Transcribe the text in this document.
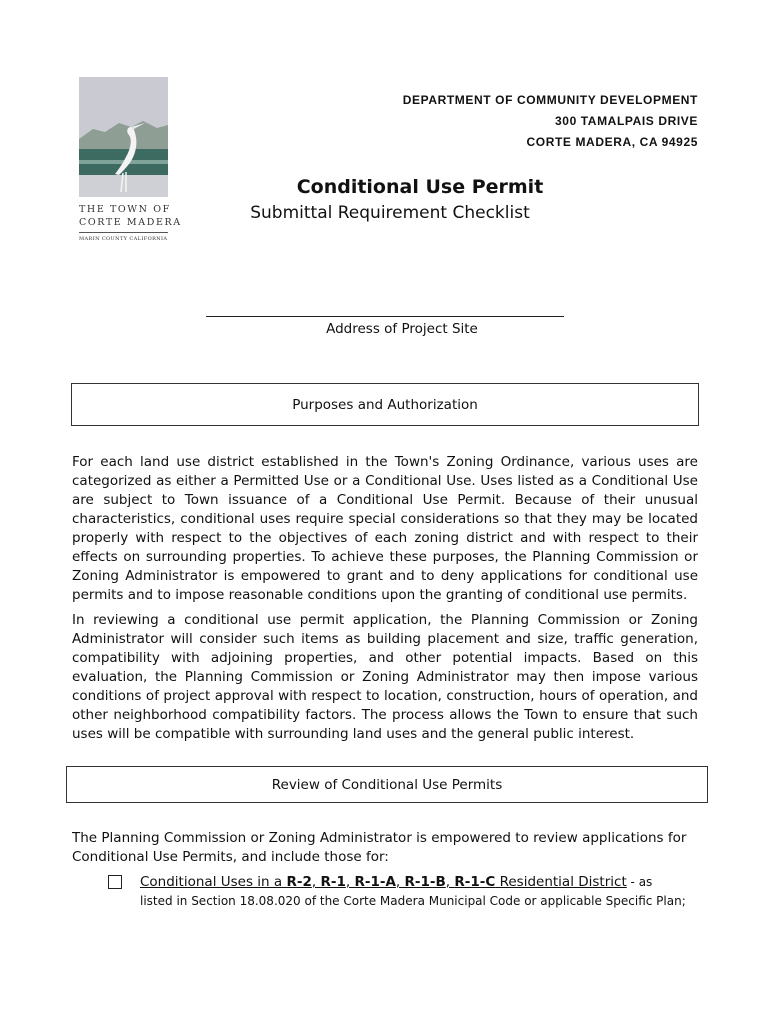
THE TOWN OF
CORTE MADERA
MARIN COUNTY CALIFORNIA
DEPARTMENT OF COMMUNITY DEVELOPMENT
300 TAMALPAIS DRIVE
CORTE MADERA, CA 94925
Conditional Use Permit
Submittal Requirement Checklist
Address of Project Site
Purposes and Authorization
For each land use district established in the Town's Zoning Ordinance, various uses are categorized as either a Permitted Use or a Conditional Use. Uses listed as a Conditional Use are subject to Town issuance of a Conditional Use Permit. Because of their unusual characteristics, conditional uses require special considerations so that they may be located properly with respect to the objectives of each zoning district and with respect to their effects on surrounding properties. To achieve these purposes, the Planning Commission or Zoning Administrator is empowered to grant and to deny applications for conditional use permits and to impose reasonable conditions upon the granting of conditional use permits.
In reviewing a conditional use permit application, the Planning Commission or Zoning Administrator will consider such items as building placement and size, traffic generation, compatibility with adjoining properties, and other potential impacts. Based on this evaluation, the Planning Commission or Zoning Administrator may then impose various conditions of project approval with respect to location, construction, hours of operation, and other neighborhood compatibility factors. The process allows the Town to ensure that such uses will be compatible with surrounding land uses and the general public interest.
Review of Conditional Use Permits
The Planning Commission or Zoning Administrator is empowered to review applications for Conditional Use Permits, and include those for:
Conditional Uses in a R-2, R-1, R-1-A, R-1-B, R-1-C Residential District - as
listed in Section 18.08.020 of the Corte Madera Municipal Code or applicable Specific Plan;
